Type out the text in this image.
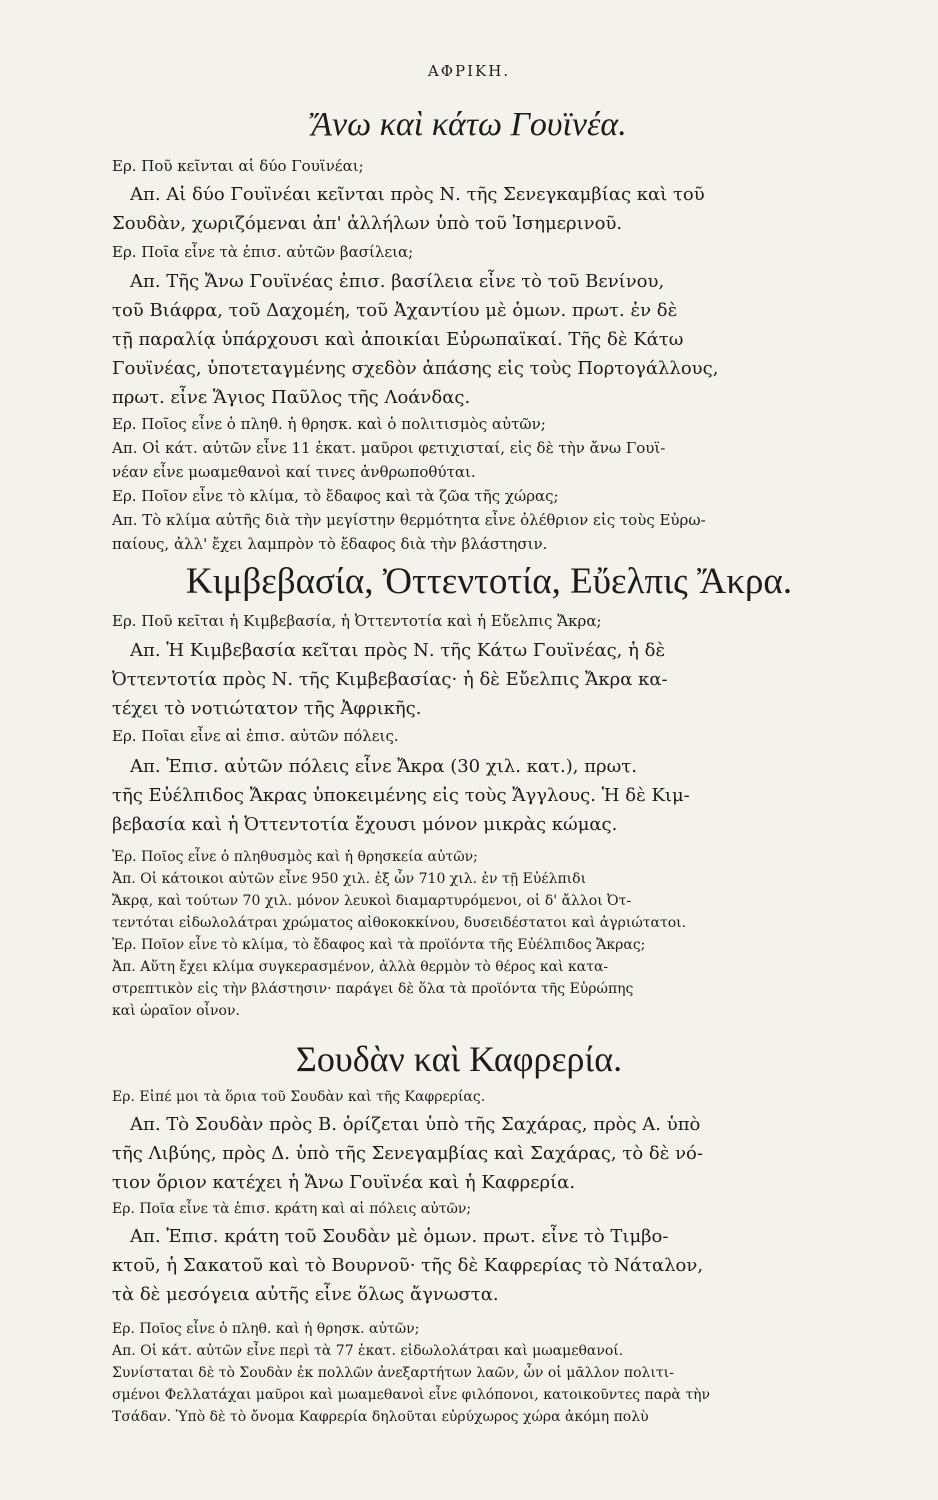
ΑΦΡΙΚΗ.
Ἄνω καὶ κάτω Γουϊνέα.
Ερ. Ποῦ κεῖνται αἱ δύο Γουϊνέαι;
Απ. Αἱ δύο Γουϊνέαι κεῖνται πρὸς Ν. τῆς Σενεγκαμβίας καὶ τοῦ
Σουδὰν, χωριζόμεναι ἀπ' ἀλλήλων ὑπὸ τοῦ Ἰσημερινοῦ.
Ερ. Ποῖα εἶνε τὰ ἐπισ. αὐτῶν βασίλεια;
Απ. Τῆς Ἄνω Γουϊνέας ἐπισ. βασίλεια εἶνε τὸ τοῦ Βενίνου,
τοῦ Βιάφρα, τοῦ Δαχομέη, τοῦ Ἀχαντίου μὲ ὁμων. πρωτ. ἐν δὲ
τῇ παραλίᾳ ὑπάρχουσι καὶ ἀποικίαι Εὐρωπαϊκαί. Τῆς δὲ Κάτω
Γουϊνέας, ὑποτεταγμένης σχεδὸν ἁπάσης εἰς τοὺς Πορτογάλλους,
πρωτ. εἶνε Ἅγιος Παῦλος τῆς Λοάνδας.
Ερ. Ποῖος εἶνε ὁ πληθ. ἡ θρησκ. καὶ ὁ πολιτισμὸς αὐτῶν;
Απ. Οἱ κάτ. αὐτῶν εἶνε 11 ἑκατ. μαῦροι φετιχισταί, εἰς δὲ τὴν ἄνω Γουϊ-
νέαν εἶνε μωαμεθανοὶ καί τινες ἀνθρωποθύται.
Ερ. Ποῖον εἶνε τὸ κλίμα, τὸ ἔδαφος καὶ τὰ ζῶα τῆς χώρας;
Απ. Τὸ κλίμα αὐτῆς διὰ τὴν μεγίστην θερμότητα εἶνε ὀλέθριον εἰς τοὺς Εὐρω-
παίους, ἀλλ' ἔχει λαμπρὸν τὸ ἔδαφος διὰ τὴν βλάστησιν.
Κιμβεβασία, Ὀττεντοτία, Εὔελπις Ἄκρα.
Ερ. Ποῦ κεῖται ἡ Κιμβεβασία, ἡ Ὀττεντοτία καὶ ἡ Εὔελπις Ἄκρα;
Απ. Ἡ Κιμβεβασία κεῖται πρὸς Ν. τῆς Κάτω Γουϊνέας, ἡ δὲ
Ὀττεντοτία πρὸς Ν. τῆς Κιμβεβασίας· ἡ δὲ Εὔελπις Ἄκρα κα-
τέχει τὸ νοτιώτατον τῆς Ἀφρικῆς.
Ερ. Ποῖαι εἶνε αἱ ἐπισ. αὐτῶν πόλεις.
Απ. Ἐπισ. αὐτῶν πόλεις εἶνε Ἄκρα (30 χιλ. κατ.), πρωτ.
τῆς Εὐέλπιδος Ἄκρας ὑποκειμένης εἰς τοὺς Ἄγγλους. Ἡ δὲ Κιμ-
βεβασία καὶ ἡ Ὀττεντοτία ἔχουσι μόνον μικρὰς κώμας.
Ἐρ. Ποῖος εἶνε ὁ πληθυσμὸς καὶ ἡ θρησκεία αὐτῶν;
Ἀπ. Οἱ κάτοικοι αὐτῶν εἶνε 950 χιλ. ἐξ ὧν 710 χιλ. ἐν τῇ Εὐέλπιδι
Ἄκρᾳ, καὶ τούτων 70 χιλ. μόνον λευκοὶ διαμαρτυρόμενοι, οἱ δ' ἄλλοι Ὀτ-
τεντόται εἰδωλολάτραι χρώματος αἰθοκοκκίνου, δυσειδέστατοι καὶ ἀγριώτατοι.
Ἐρ. Ποῖον εἶνε τὸ κλίμα, τὸ ἔδαφος καὶ τὰ προϊόντα τῆς Εὐέλπιδος Ἄκρας;
Ἀπ. Αὕτη ἔχει κλίμα συγκερασμένον, ἀλλὰ θερμὸν τὸ θέρος καὶ κατα-
στρεπτικὸν εἰς τὴν βλάστησιν· παράγει δὲ ὅλα τὰ προϊόντα τῆς Εὐρώπης
καὶ ὡραῖον οἶνον.
Σουδὰν καὶ Καφρερία.
Ερ. Εἰπέ μοι τὰ ὅρια τοῦ Σουδὰν καὶ τῆς Καφρερίας.
Απ. Τὸ Σουδὰν πρὸς Β. ὁρίζεται ὑπὸ τῆς Σαχάρας, πρὸς Α. ὑπὸ
τῆς Λιβύης, πρὸς Δ. ὑπὸ τῆς Σενεγαμβίας καὶ Σαχάρας, τὸ δὲ νό-
τιον ὅριον κατέχει ἡ Ἄνω Γουϊνέα καὶ ἡ Καφρερία.
Ερ. Ποῖα εἶνε τὰ ἐπισ. κράτη καὶ αἱ πόλεις αὐτῶν;
Απ. Ἐπισ. κράτη τοῦ Σουδὰν μὲ ὁμων. πρωτ. εἶνε τὸ Τιμβο-
κτοῦ, ἡ Σακατοῦ καὶ τὸ Βουρνοῦ· τῆς δὲ Καφρερίας τὸ Νάταλον,
τὰ δὲ μεσόγεια αὐτῆς εἶνε ὅλως ἄγνωστα.
Ερ. Ποῖος εἶνε ὁ πληθ. καὶ ἡ θρησκ. αὐτῶν;
Απ. Οἱ κάτ. αὐτῶν εἶνε περὶ τὰ 77 ἑκατ. εἰδωλολάτραι καὶ μωαμεθανοί.
Συνίσταται δὲ τὸ Σουδὰν ἐκ πολλῶν ἀνεξαρτήτων λαῶν, ὧν οἱ μᾶλλον πολιτι-
σμένοι Φελλατάχαι μαῦροι καὶ μωαμεθανοὶ εἶνε φιλόπονοι, κατοικοῦντες παρὰ τὴν
Τσάδαν. Ὑπὸ δὲ τὸ ὄνομα Καφρερία δηλοῦται εὐρύχωρος χώρα ἀκόμη πολὺ
